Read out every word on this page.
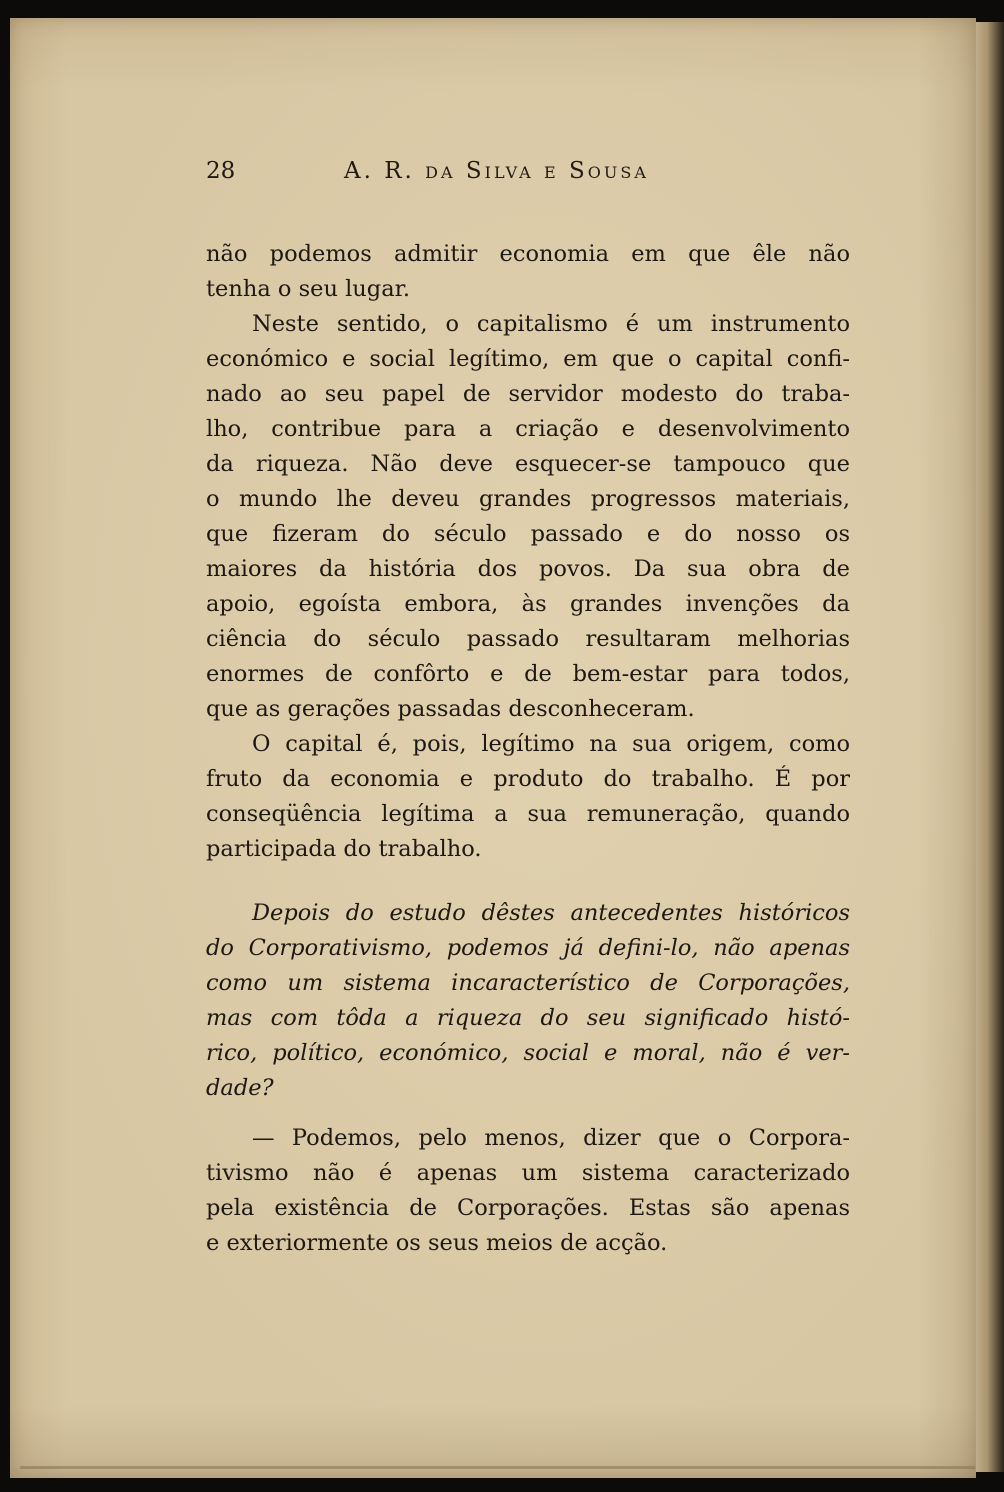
28	A. R. da Silva e Sousa
não podemos admitir economia em que êle não
tenha o seu lugar.
Neste sentido, o capitalismo é um instrumento
económico e social legítimo, em que o capital confi-
nado ao seu papel de servidor modesto do traba-
lho, contribue para a criação e desenvolvimento
da riqueza. Não deve esquecer-se tampouco que
o mundo lhe deveu grandes progressos materiais,
que fizeram do século passado e do nosso os
maiores da história dos povos. Da sua obra de
apoio, egoísta embora, às grandes invenções da
ciência do século passado resultaram melhorias
enormes de confôrto e de bem-estar para todos,
que as gerações passadas desconheceram.
O capital é, pois, legítimo na sua origem, como
fruto da economia e produto do trabalho. É por
conseqüência legítima a sua remuneração, quando
participada do trabalho.
Depois do estudo dêstes antecedentes históricos
do Corporativismo, podemos já defini-lo, não apenas
como um sistema incaracterístico de Corporações,
mas com tôda a riqueza do seu significado histó-
rico, político, económico, social e moral, não é ver-
dade?
— Podemos, pelo menos, dizer que o Corpora-
tivismo não é apenas um sistema caracterizado
pela existência de Corporações. Estas são apenas
e exteriormente os seus meios de acção.
